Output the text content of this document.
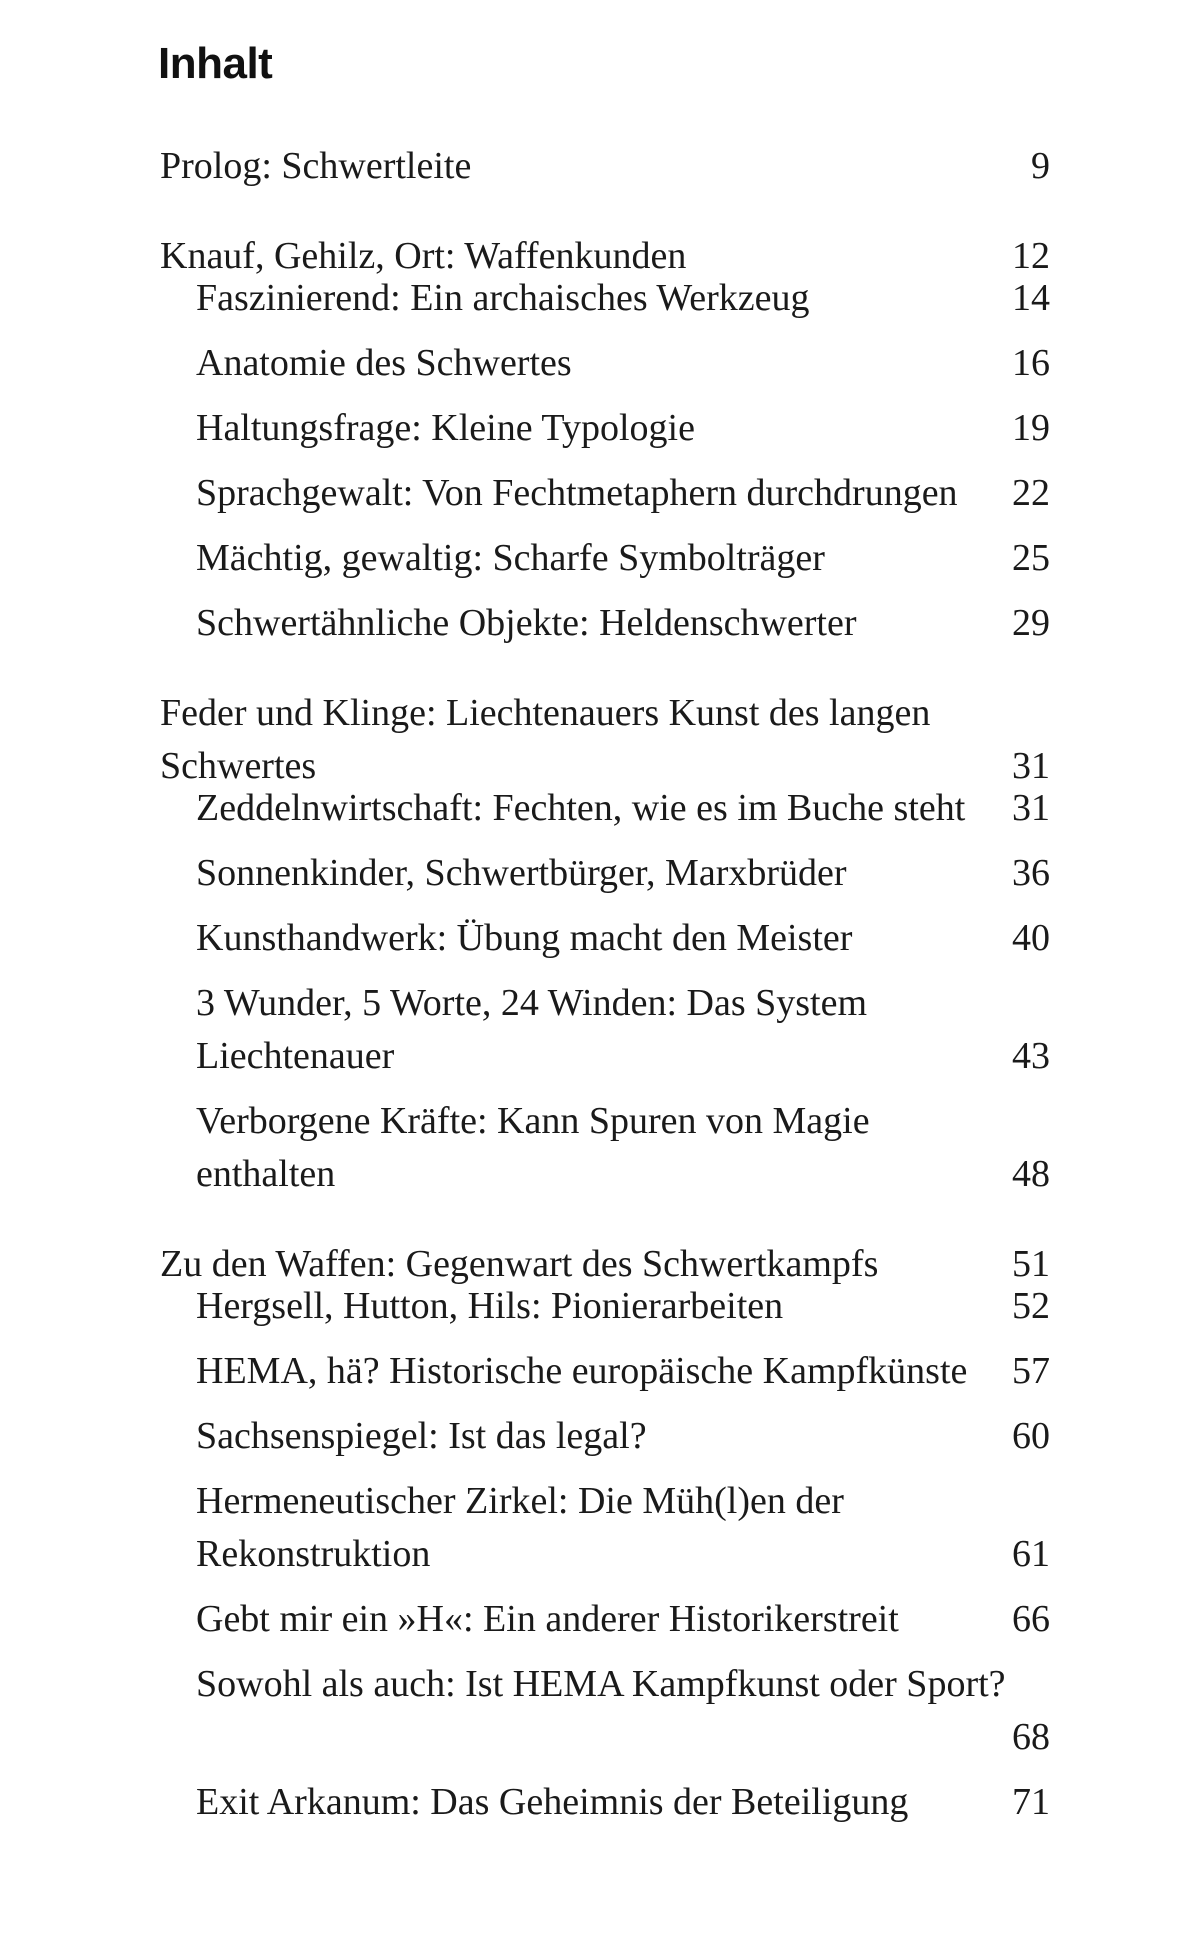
Inhalt
Prolog: Schwertleite	9
Knauf, Gehilz, Ort: Waffenkunden	12
Faszinierend: Ein archaisches Werkzeug	14
Anatomie des Schwertes	16
Haltungsfrage: Kleine Typologie	19
Sprachgewalt: Von Fechtmetaphern durchdrungen 22
Mächtig, gewaltig: Scharfe Symbolträger	25
Schwertähnliche Objekte: Heldenschwerter	29
Feder und Klinge: Liechtenauers Kunst des langen
Schwertes	31
Zeddelnwirtschaft: Fechten, wie es im Buche steht 31
Sonnenkinder, Schwertbürger, Marxbrüder	36
Kunsthandwerk: Übung macht den Meister	40
3 Wunder, 5 Worte, 24 Winden: Das System
Liechtenauer	43
Verborgene Kräfte: Kann Spuren von Magie
enthalten	48
Zu den Waffen: Gegenwart des Schwertkampfs	51
Hergsell, Hutton, Hils: Pionierarbeiten	52
HEMA, hä? Historische europäische Kampfkünste 57
Sachsenspiegel: Ist das legal?	60
Hermeneutischer Zirkel: Die Müh(l)en der
Rekonstruktion	61
Gebt mir ein »H«: Ein anderer Historikerstreit	66
Sowohl als auch: Ist HEMA Kampfkunst oder Sport?
68
Exit Arkanum: Das Geheimnis der Beteiligung	71
